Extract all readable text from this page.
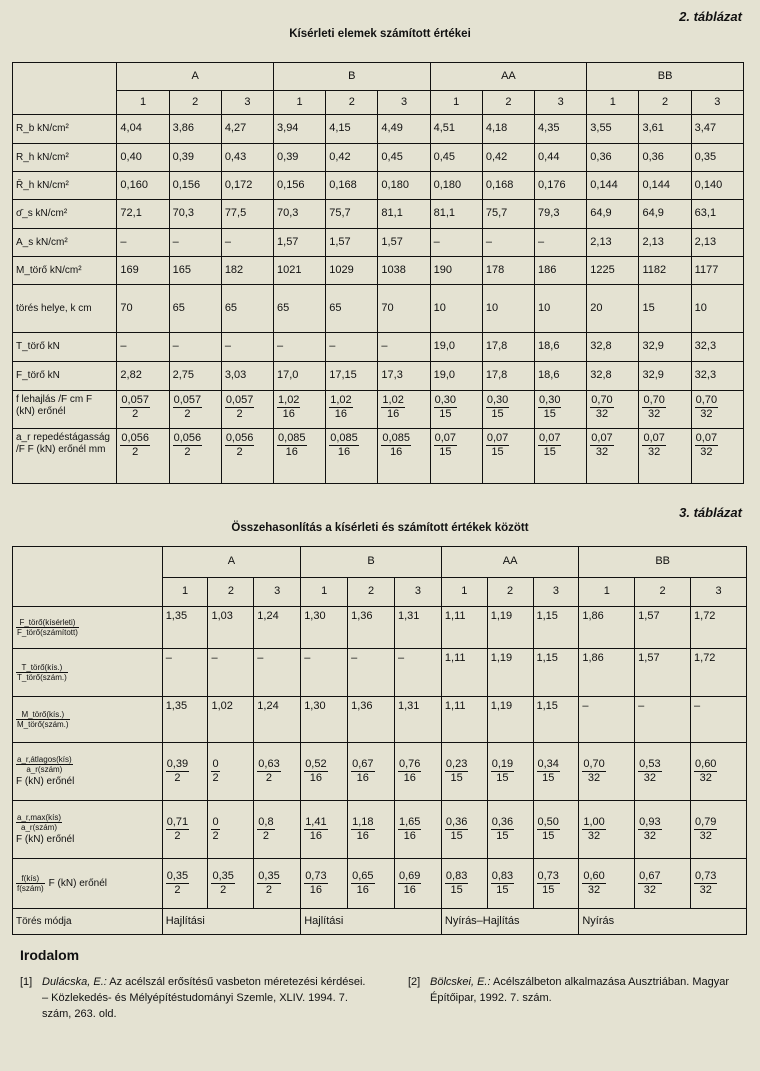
2. táblázat
Kísérleti elemek számított értékei
	A			B			AA			BB		
	1	2	3	1	2	3	1	2	3	1	2	3
R_b kN/cm²	4,04	3,86	4,27	3,94	4,15	4,49	4,51	4,18	4,35	3,55	3,61	3,47
R_h kN/cm²	0,40	0,39	0,43	0,39	0,42	0,45	0,45	0,42	0,44	0,36	0,36	0,35
R̄_h kN/cm²	0,160	0,156	0,172	0,156	0,168	0,180	0,180	0,168	0,176	0,144	0,144	0,140
σ̄_s kN/cm²	72,1	70,3	77,5	70,3	75,7	81,1	81,1	75,7	79,3	64,9	64,9	63,1
A_s kN/cm²	–	–	–	1,57	1,57	1,57	–	–	–	2,13	2,13	2,13
M_törő kN/cm²	169	165	182	1021	1029	1038	190	178	186	1225	1182	1177
törés helye, k cm	70	65	65	65	65	70	10	10	10	20	15	10
T_törő kN	–	–	–	–	–	–	19,0	17,8	18,6	32,8	32,9	32,3
F_törő kN	2,82	2,75	3,03	17,0	17,15	17,3	19,0	17,8	18,6	32,8	32,9	32,3
f lehajlás /F cm F (kN) erőnél	$\frac{0,057}{2}$	$\frac{0,057}{2}$	$\frac{0,057}{2}$	$\frac{1,02}{16}$	$\frac{1,02}{16}$	$\frac{1,02}{16}$	$\frac{0,30}{15}$	$\frac{0,30}{15}$	$\frac{0,30}{15}$	$\frac{0,70}{32}$	$\frac{0,70}{32}$	$\frac{0,70}{32}$

a_r repedéstágasság /F F (kN) erőnél mm	$\frac{0,056}{2}$	$\frac{0,056}{2}$	$\frac{0,056}{2}$	$\frac{0,085}{16}$	$\frac{0,085}{16}$	$\frac{0,085}{16}$	$\frac{0,07}{15}$	$\frac{0,07}{15}$	$\frac{0,07}{15}$	$\frac{0,07}{32}$	$\frac{0,07}{32}$	$\frac{0,07}{32}$
3. táblázat
Összehasonlítás a kísérleti és számított értékek között
	A			B			AA			BB		
	1	2	3	1	2	3	1	2	3	1	2	3

$\frac{\text{F\_törő(kísérleti)}}{\text{F\_törő(számított)}}$	1,35	1,03	1,24	1,30	1,36	1,31	1,11	1,19	1,15	1,86	1,57	1,72

$\frac{\text{T\_törő(kís.)}}{\text{T\_törő(szám.)}}$	–	–	–	–	–	–	1,11	1,19	1,15	1,86	1,57	1,72

$\frac{\text{M\_törő(kís.)}}{\text{M\_törő(szám.)}}$	1,35	1,02	1,24	1,30	1,36	1,31	1,11	1,19	1,15	–	–	–

$\frac{\text{a\_r,átlagos(kís)}}{\text{a\_r(szám)}}$
F (kN) erőnél	$\frac{0,39}{2}$	$\frac{0}{2}$	$\frac{0,63}{2}$	$\frac{0,52}{16}$	$\frac{0,67}{16}$	$\frac{0,76}{16}$	$\frac{0,23}{15}$	$\frac{0,19}{15}$	$\frac{0,34}{15}$	$\frac{0,70}{32}$	$\frac{0,53}{32}$	$\frac{0,60}{32}$

$\frac{\text{a\_r,max(kís)}}{\text{a\_r(szám)}}$
F (kN) erőnél	$\frac{0,71}{2}$	$\frac{0}{2}$	$\frac{0,8}{2}$	$\frac{1,41}{16}$	$\frac{1,18}{16}$	$\frac{1,65}{16}$	$\frac{0,36}{15}$	$\frac{0,36}{15}$	$\frac{0,50}{15}$	$\frac{1,00}{32}$	$\frac{0,93}{32}$	$\frac{0,79}{32}$

$\frac{\text{f(kís)}}{\text{f(szám)}}$ F (kN) erőnél	$\frac{0,35}{2}$	$\frac{0,35}{2}$	$\frac{0,35}{2}$	$\frac{0,73}{16}$	$\frac{0,65}{16}$	$\frac{0,69}{16}$	$\frac{0,83}{15}$	$\frac{0,83}{15}$	$\frac{0,73}{15}$	$\frac{0,60}{32}$	$\frac{0,67}{32}$	$\frac{0,73}{32}$

Törés módja	Hajlítási			Hajlítási			Nyírás–Hajlítás			Nyírás		
Irodalom
[1] Dulácska, E.: Az acélszál erősítésű vasbeton méretezési kérdései. – Közlekedés- és Mélyépítéstudományi Szemle, XLIV. 1994. 7. szám, 263. old.
[2] Bölcskei, E.: Acélszálbeton alkalmazása Ausztriában. Magyar Építőipar, 1992. 7. szám.
